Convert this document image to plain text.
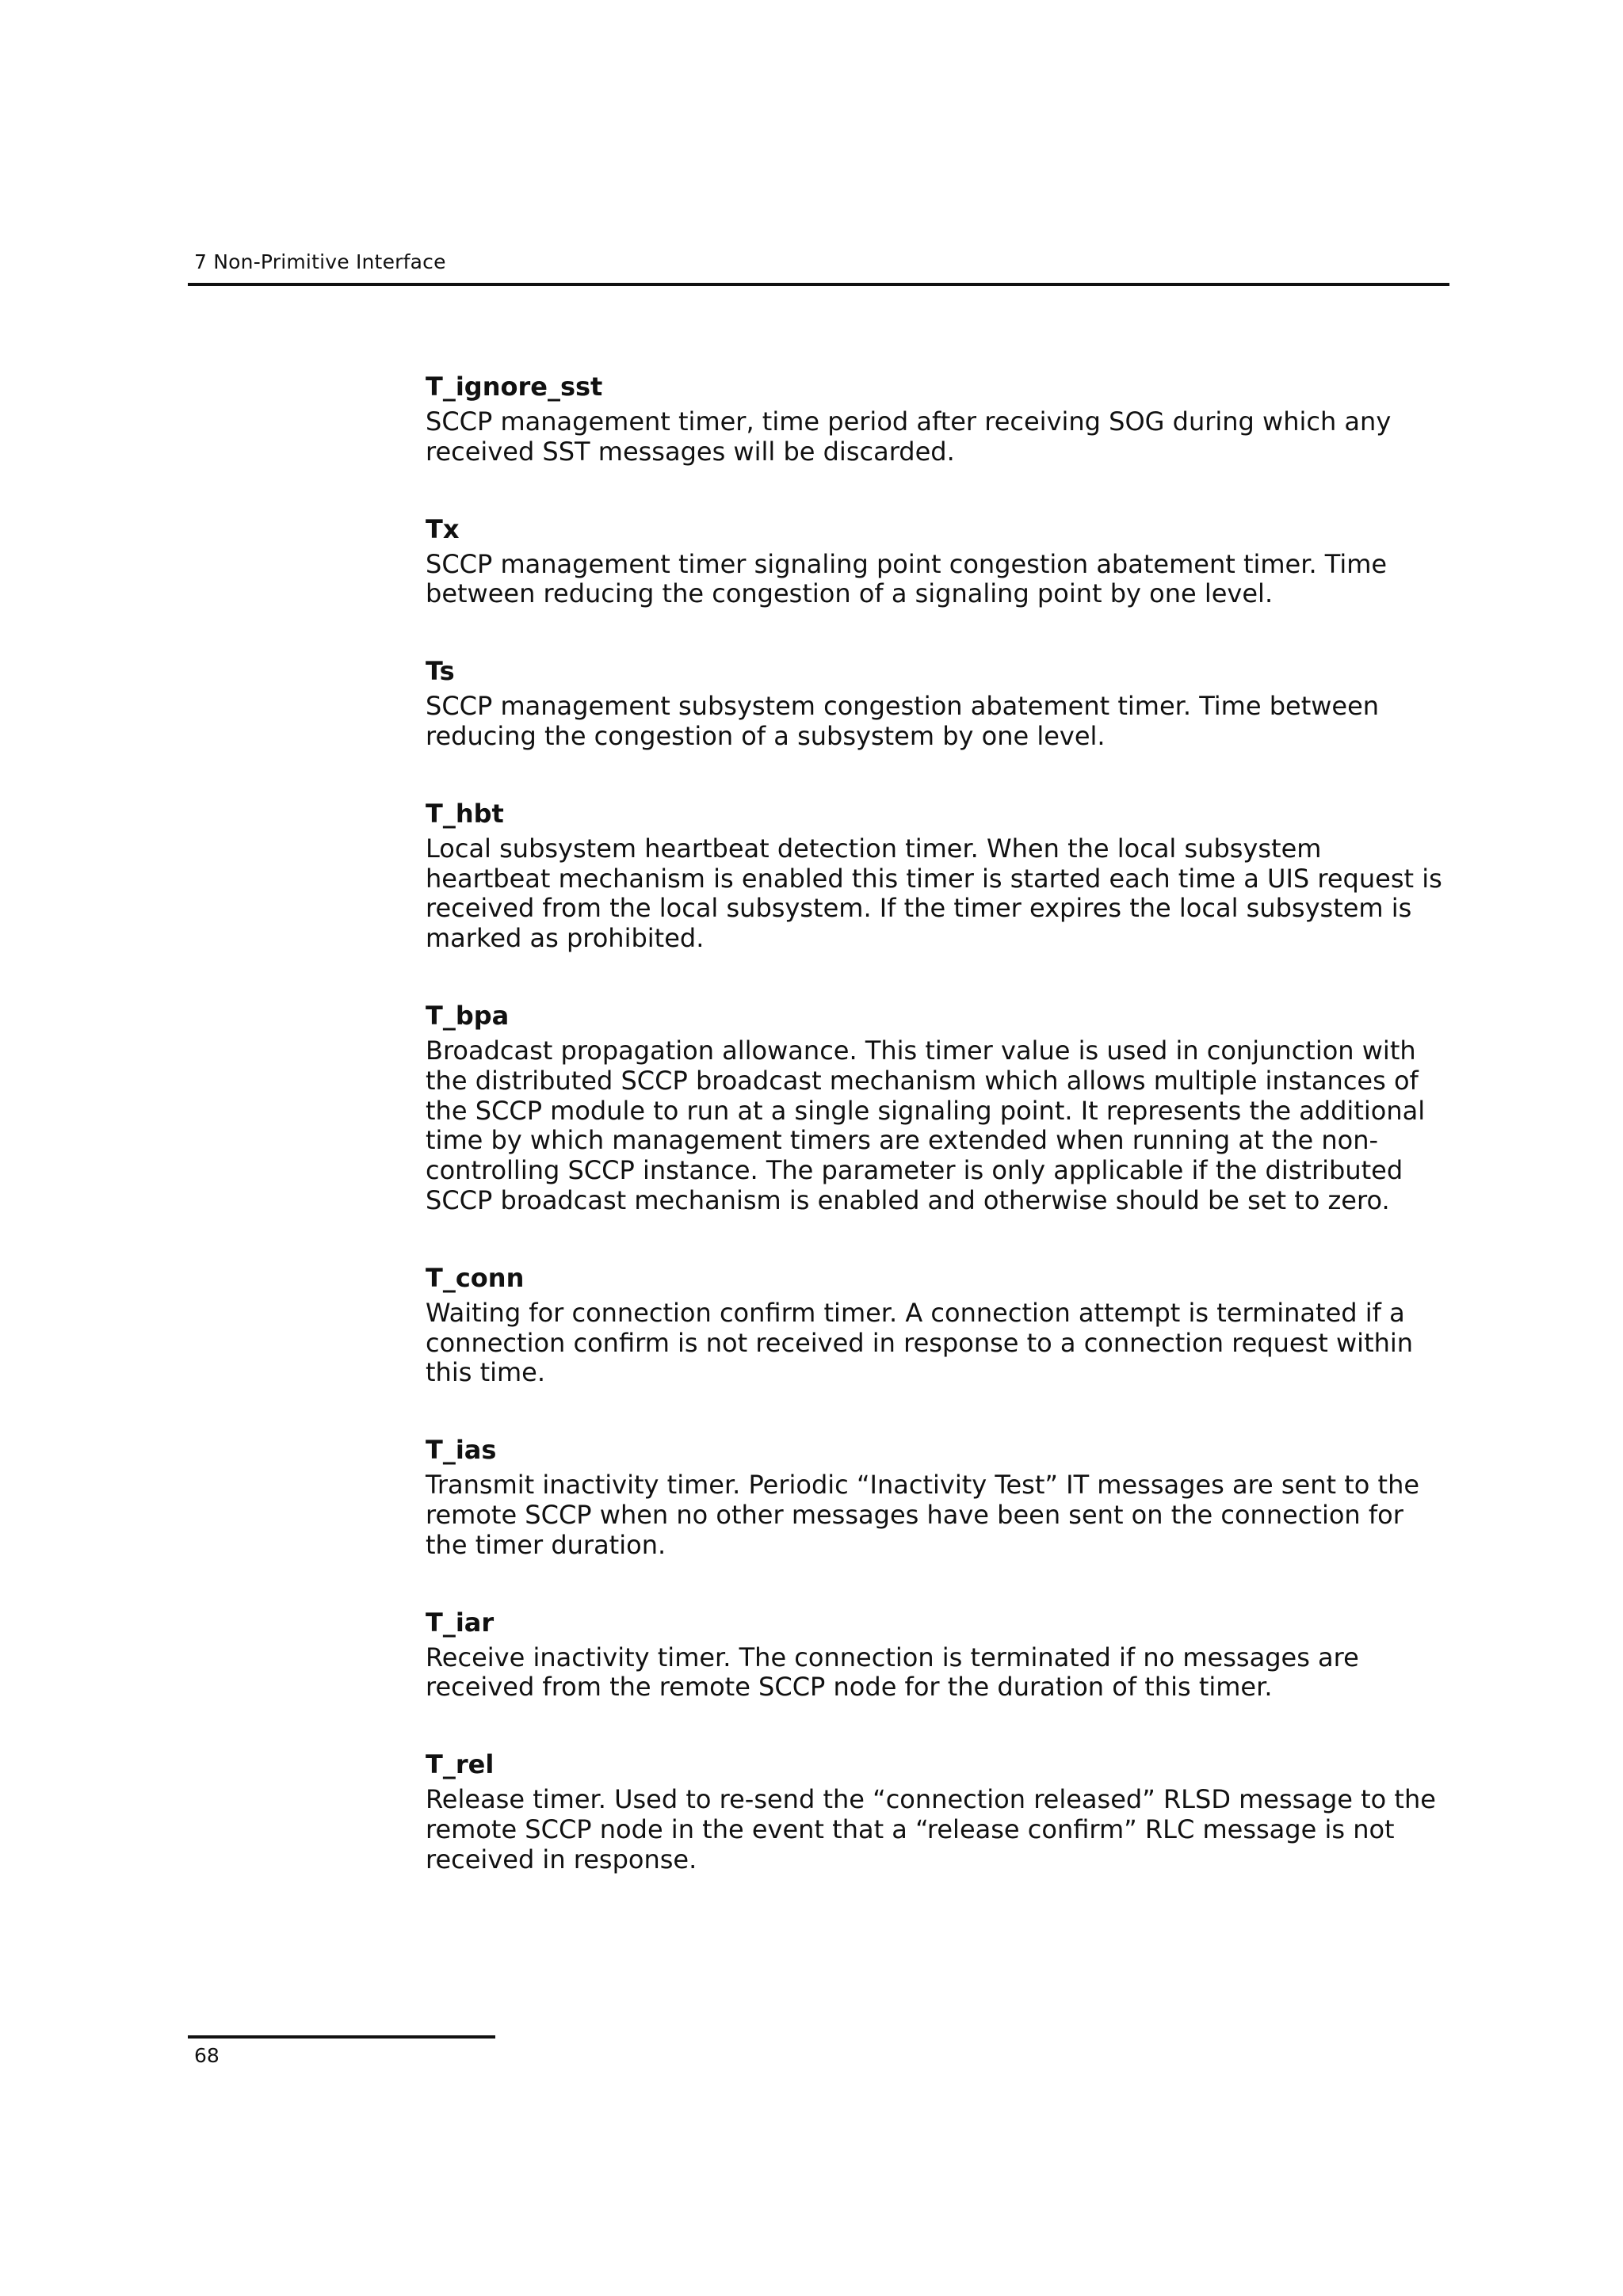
7 Non-Primitive Interface
T_ignore_sst

SCCP management timer, time period after receiving SOG during which any received SST messages will be discarded.

Tx

SCCP management timer signaling point congestion abatement timer. Time between reducing the congestion of a signaling point by one level.

Ts

SCCP management subsystem congestion abatement timer. Time between reducing the congestion of a subsystem by one level.

T_hbt

Local subsystem heartbeat detection timer. When the local subsystem heartbeat mechanism is enabled this timer is started each time a UIS request is received from the local subsystem. If the timer expires the local subsystem is marked as prohibited.

T_bpa

Broadcast propagation allowance. This timer value is used in conjunction with the distributed SCCP broadcast mechanism which allows multiple instances of the SCCP module to run at a single signaling point. It represents the additional time by which management timers are extended when running at the non-controlling SCCP instance. The parameter is only applicable if the distributed SCCP broadcast mechanism is enabled and otherwise should be set to zero.

T_conn

Waiting for connection confirm timer. A connection attempt is terminated if a connection confirm is not received in response to a connection request within this time.

T_ias

Transmit inactivity timer. Periodic “Inactivity Test” IT messages are sent to the remote SCCP when no other messages have been sent on the connection for the timer duration.

T_iar

Receive inactivity timer. The connection is terminated if no messages are received from the remote SCCP node for the duration of this timer.

T_rel

Release timer. Used to re-send the “connection released” RLSD message to the remote SCCP node in the event that a “release confirm” RLC message is not received in response.

68
